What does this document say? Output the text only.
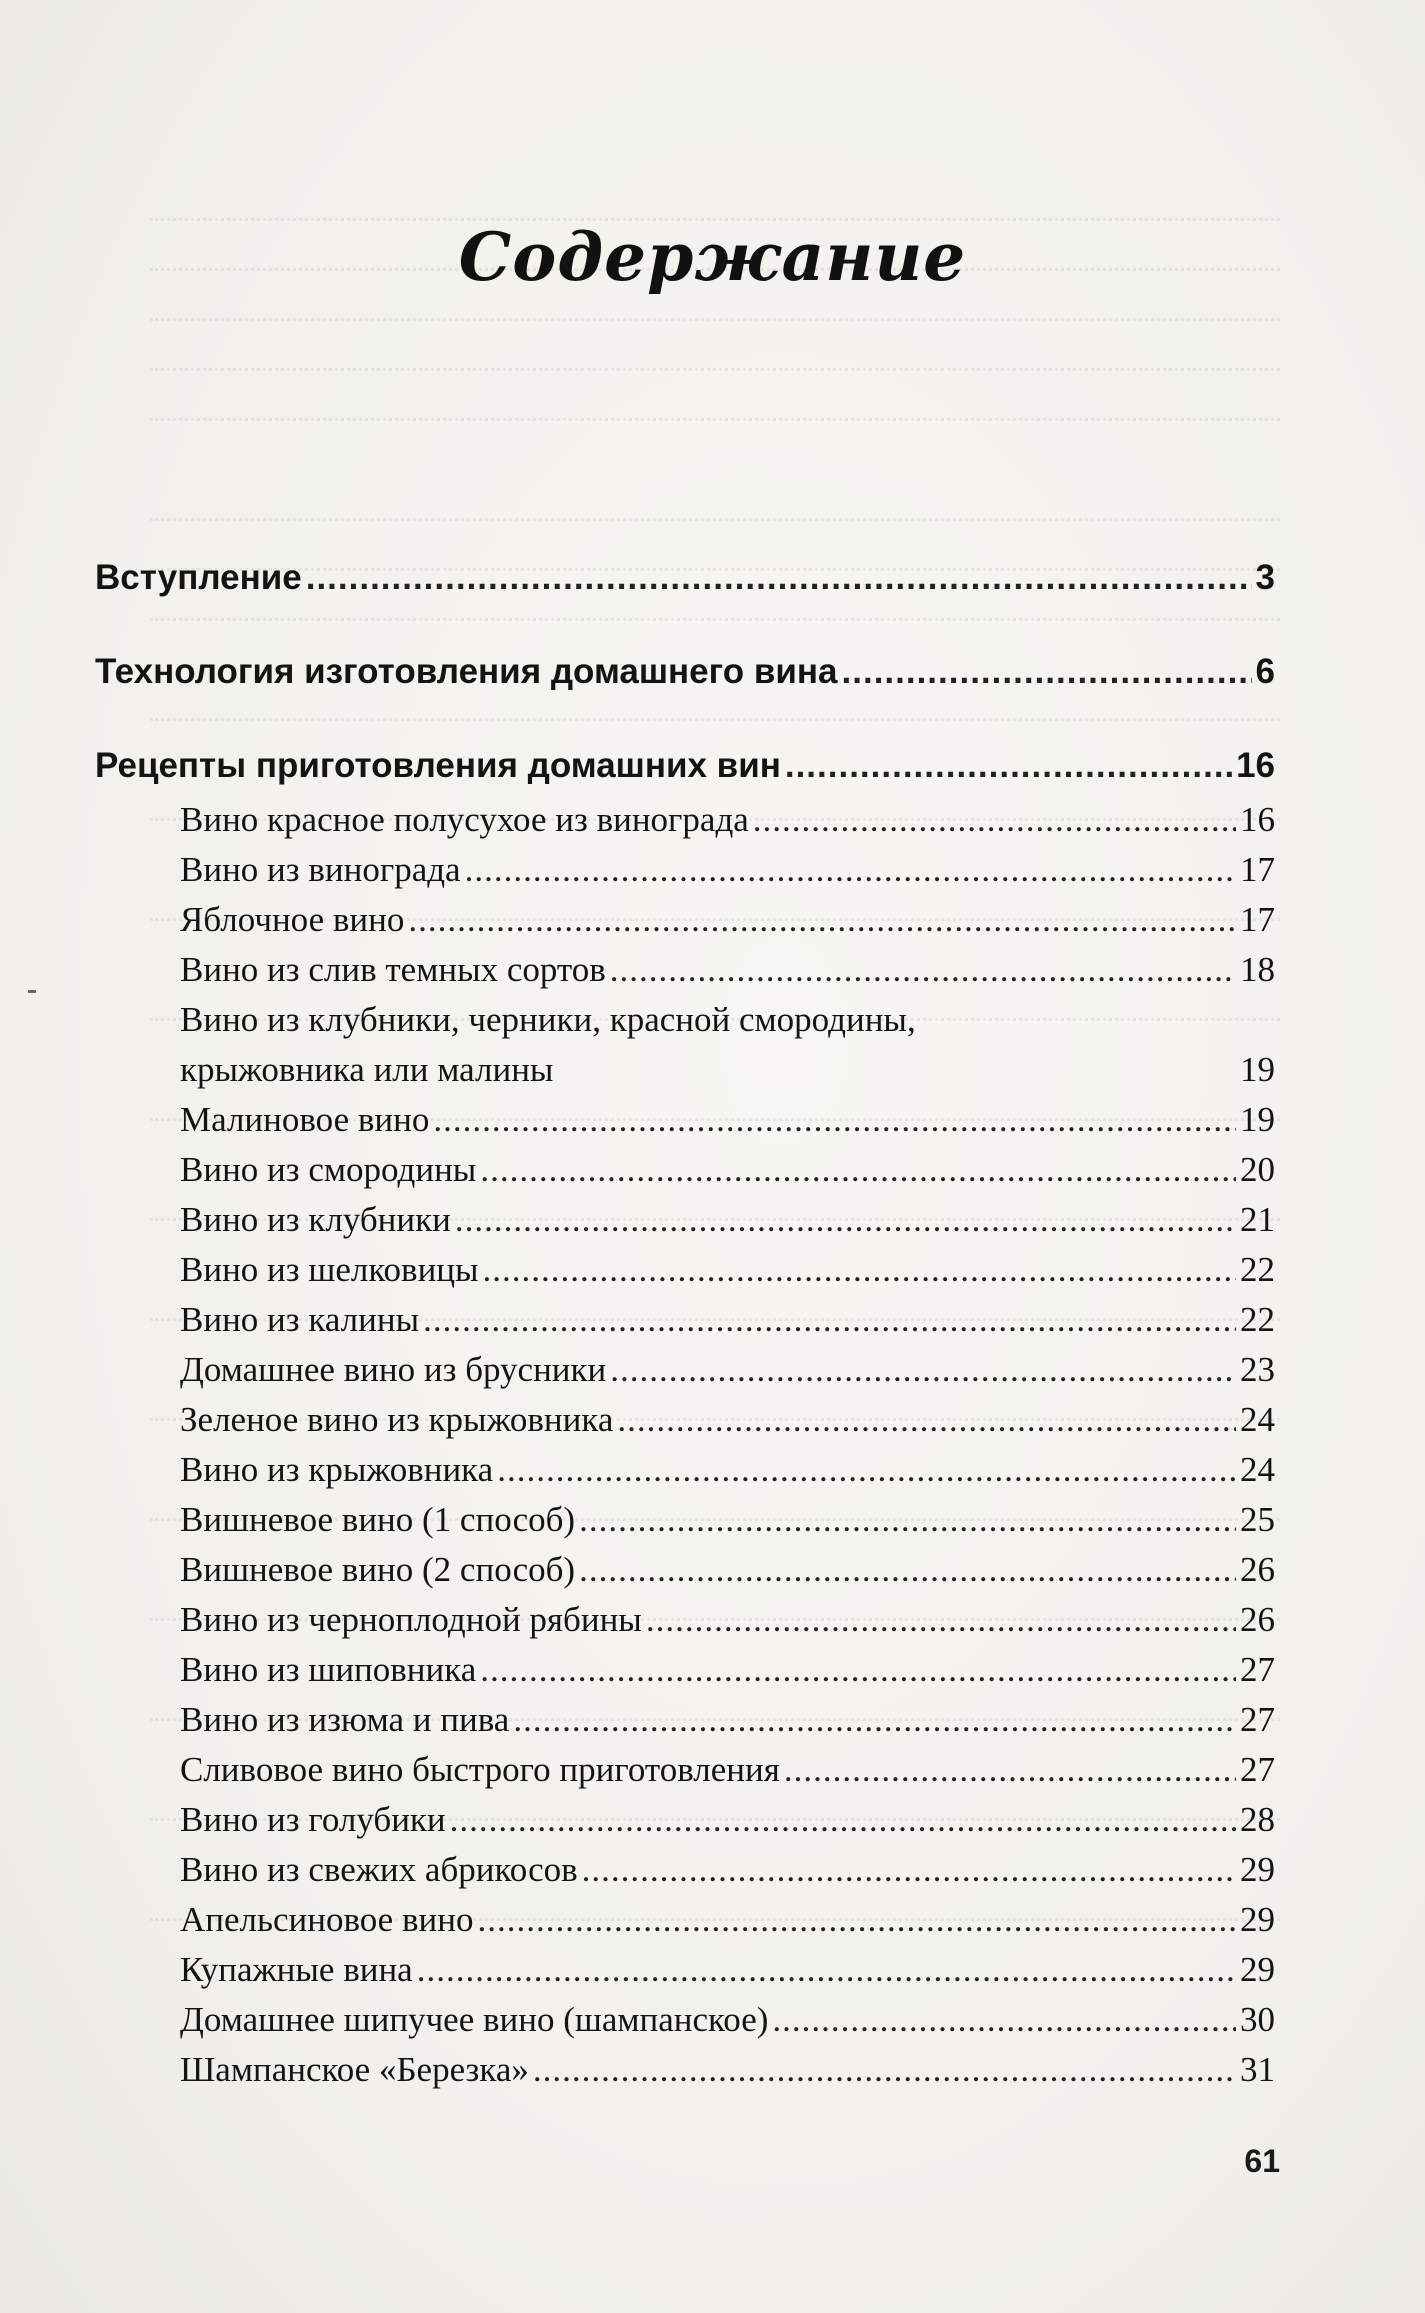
Содержание
Вступление .....	3
Технология изготовления домашнего вина .....	6
Рецепты приготовления домашних вин .....	16
Вино красное полусухое из винограда .....	16
Вино из винограда .....	17
Яблочное вино .....	17
Вино из слив темных сортов .....	18
Вино из клубники, черники, красной смородины,
крыжовника или малины	19
Малиновое вино .....	19
Вино из смородины .....	20
Вино из клубники .....	21
Вино из шелковицы .....	22
Вино из калины .....	22
Домашнее вино из брусники .....	23
Зеленое вино из крыжовника .....	24
Вино из крыжовника .....	24
Вишневое вино (1 способ) .....	25
Вишневое вино (2 способ) .....	26
Вино из черноплодной рябины .....	26
Вино из шиповника .....	27
Вино из изюма и пива .....	27
Сливовое вино быстрого приготовления .....	27
Вино из голубики .....	28
Вино из свежих абрикосов .....	29
Апельсиновое вино .....	29
Купажные вина .....	29
Домашнее шипучее вино (шампанское) .....	30
Шампанское «Березка» .....	31
61
